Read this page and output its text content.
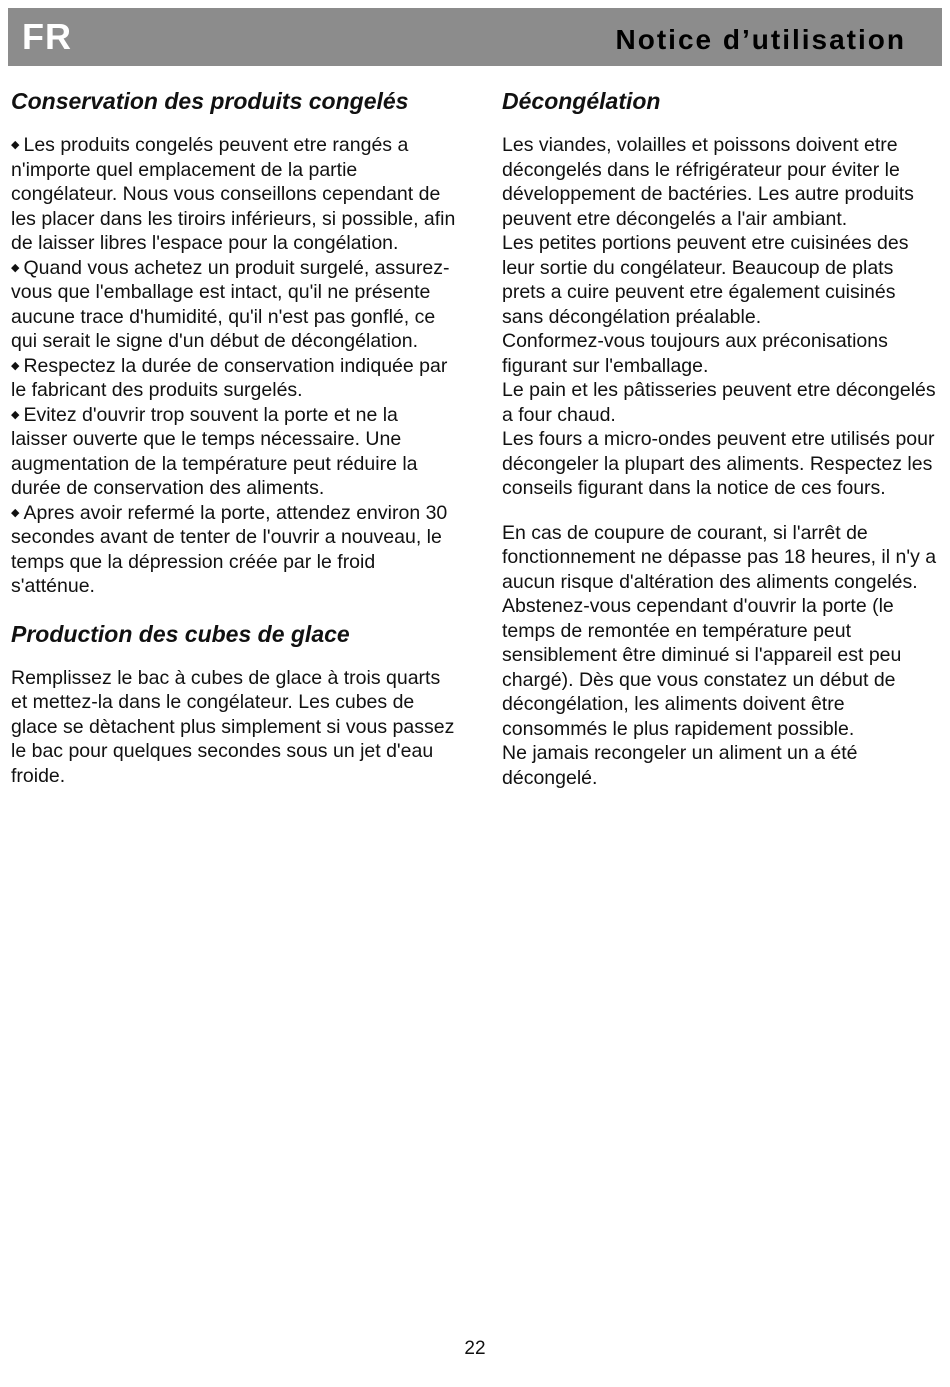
FR	Notice d’utilisation
Conservation des produits congelés

◆ Les produits congelés peuvent etre rangés a n'importe quel emplacement de la partie congélateur. Nous vous conseillons cependant de les placer dans les tiroirs inférieurs, si possible, afin de laisser libres l'espace pour la congélation.

◆ Quand vous achetez un produit surgelé, assurez-vous que l'emballage est intact, qu'il ne présente aucune trace d'humidité, qu'il n'est pas gonflé, ce qui serait le signe d'un début de décongélation.

◆ Respectez la durée de conservation indiquée par le fabricant des produits surgelés.

◆ Evitez d'ouvrir trop souvent la porte et ne la laisser ouverte que le temps nécessaire. Une augmentation de la température peut réduire la durée de conservation des aliments.

◆ Apres avoir refermé la porte, attendez environ 30 secondes avant de tenter de l'ouvrir a nouveau, le temps que la dépression créée par le froid s'atténue.

Production des cubes de glace

Remplissez le bac à cubes de glace à trois quarts et mettez-la dans le congélateur. Les cubes de glace se dètachent plus simplement si vous passez le bac pour quelques secondes sous un jet d'eau froide.

Décongélation

Les viandes, volailles et poissons doivent etre décongelés dans le réfrigérateur pour éviter le développement de bactéries. Les autre produits peuvent etre décongelés a l'air ambiant.

Les petites portions peuvent etre cuisinées des leur sortie du congélateur. Beaucoup de plats prets a cuire peuvent etre également cuisinés sans décongélation préalable.

Conformez-vous toujours aux préconisations figurant sur l'emballage.

Le pain et les pâtisseries peuvent etre décongelés a four chaud.

Les fours a micro-ondes peuvent etre utilisés pour décongeler la plupart des aliments. Respectez les conseils figurant dans la notice de ces fours.

En cas de coupure de courant, si l'arrêt de fonctionnement ne dépasse pas 18 heures, il n'y a aucun risque d'altération des aliments congelés. Abstenez-vous cependant d'ouvrir la porte (le temps de remontée en température peut sensiblement être diminué si l'appareil est peu chargé). Dès que vous constatez un début de décongélation, les aliments doivent être consommés le plus rapidement possible.

Ne jamais recongeler un aliment un a été décongelé.

22
